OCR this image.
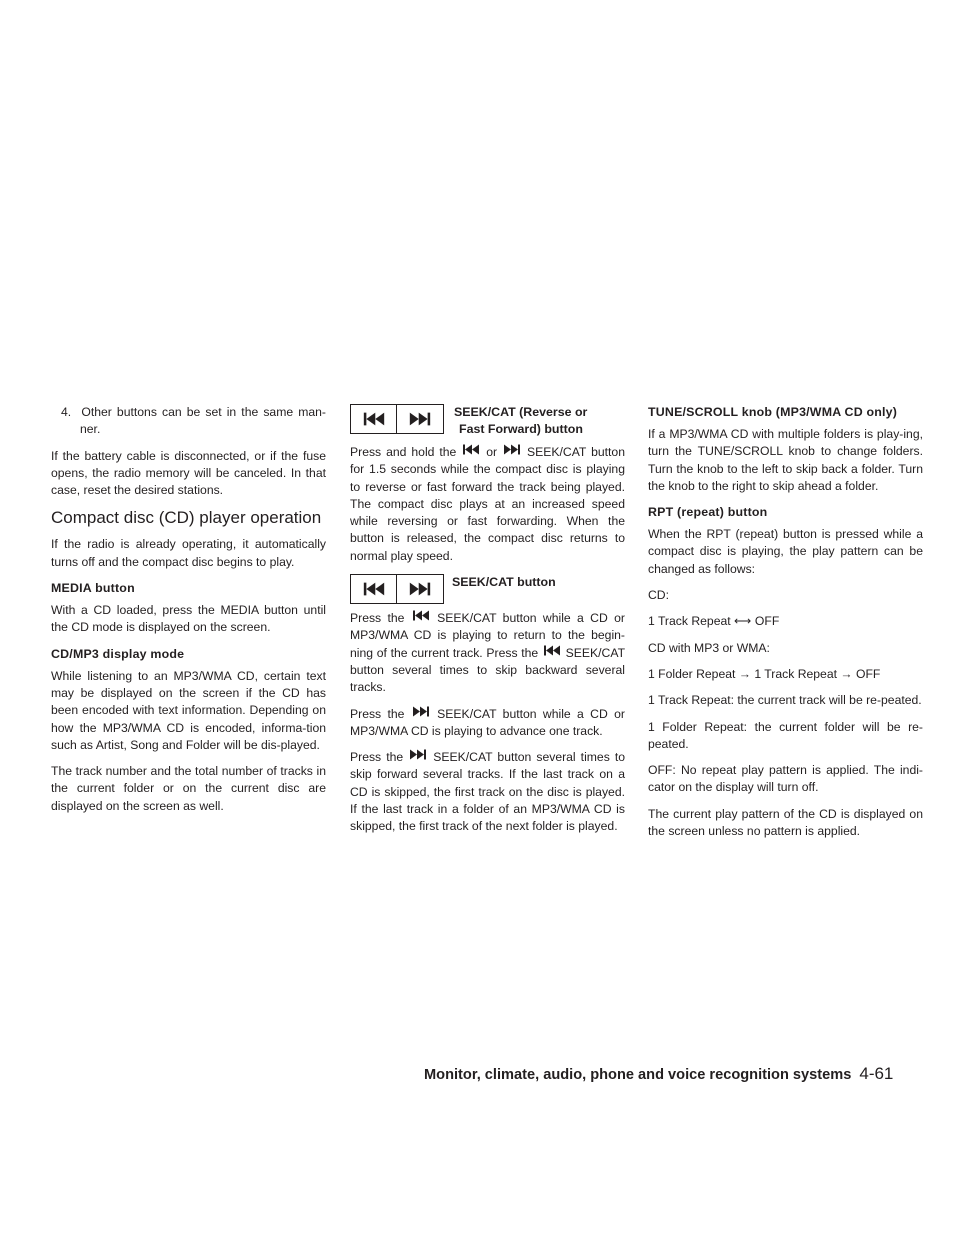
4. Other buttons can be set in the same man-ner.

If the battery cable is disconnected, or if the fuse opens, the radio memory will be canceled. In that case, reset the desired stations.

Compact disc (CD) player operation

If the radio is already operating, it automatically turns off and the compact disc begins to play.

MEDIA button

With a CD loaded, press the MEDIA button until the CD mode is displayed on the screen.

CD/MP3 display mode

While listening to an MP3/WMA CD, certain text may be displayed on the screen if the CD has been encoded with text information. Depending on how the MP3/WMA CD is encoded, informa-tion such as Artist, Song and Folder will be dis-played.

The track number and the total number of tracks in the current folder or on the current disc are displayed on the screen as well.

SEEK/CAT (Reverse or
Fast Forward) button

Press and hold the or SEEK/CAT button for 1.5 seconds while the compact disc is playing to reverse or fast forward the track being played. The compact disc plays at an increased speed while reversing or fast forwarding. When the button is released, the compact disc returns to normal play speed.

SEEK/CAT button

Press the	SEEK/CAT button while a CD or MP3/WMA CD is playing to return to the begin-ning of the current track. Press the SEEK/CAT button several times to skip backward several tracks.

Press the	SEEK/CAT button while a CD or MP3/WMA CD is playing to advance one track.

Press the SEEK/CAT button several times to skip forward several tracks. If the last track on a CD is skipped, the first track on the disc is played. If the last track in a folder of an MP3/WMA CD is skipped, the first track of the next folder is played.

TUNE/SCROLL knob (MP3/WMA CD only)

If a MP3/WMA CD with multiple folders is play-ing, turn the TUNE/SCROLL knob to change folders. Turn the knob to the left to skip back a folder. Turn the knob to the right to skip ahead a folder.

RPT (repeat) button

When the RPT (repeat) button is pressed while a compact disc is playing, the play pattern can be changed as follows:

CD:

1 Track Repeat ⟷ OFF

CD with MP3 or WMA:

1 Folder Repeat → 1 Track Repeat → OFF

1 Track Repeat: the current track will be re-peated.

1 Folder Repeat: the current folder will be re-peated.

OFF: No repeat play pattern is applied. The indi-cator on the display will turn off.

The current play pattern of the CD is displayed on the screen unless no pattern is applied.

Monitor, climate, audio, phone and voice recognition systems 4-61
